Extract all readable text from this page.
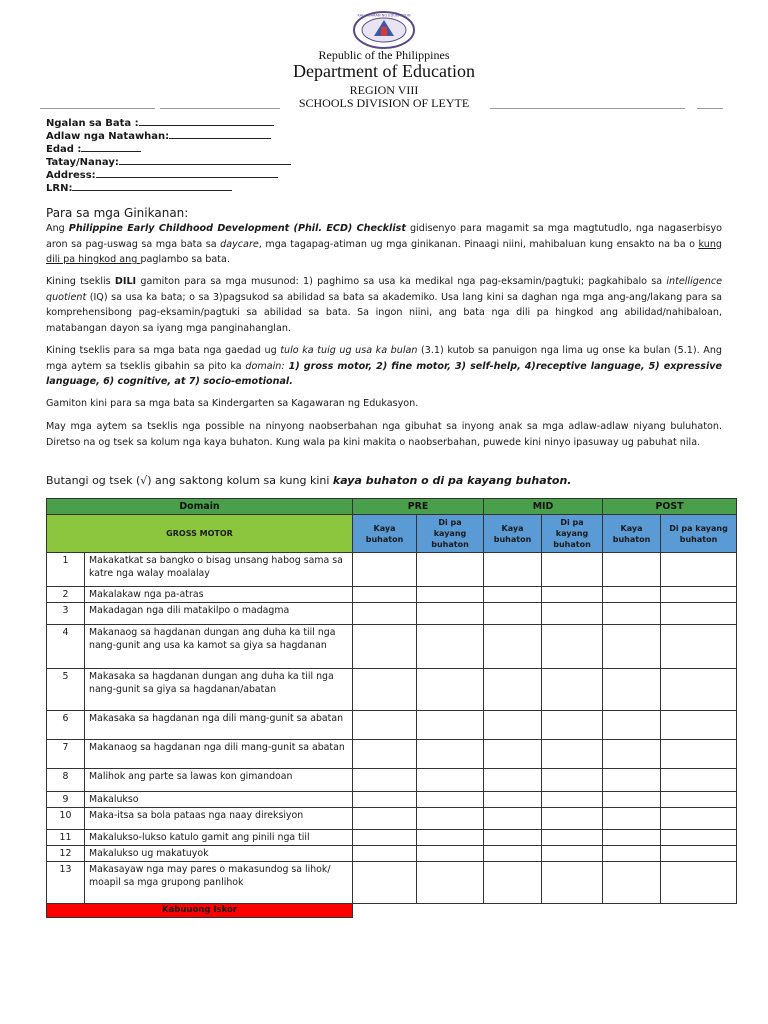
KAGAWARAN NG EDUKASYON
Republic of the Philippines
Department of Education
REGION VIII
SCHOOLS DIVISION OF LEYTE
Ngalan sa Bata :
Adlaw nga Natawhan:
Edad :
Tatay/Nanay:
Address:
LRN:
Para sa mga Ginikanan:
Ang Philippine Early Childhood Development (Phil. ECD) Checklist gidisenyo para magamit sa mga magtutudlo, nga nagaserbisyo aron sa pag-uswag sa mga bata sa daycare, mga tagapag-atiman ug mga ginikanan. Pinaagi niini, mahibaluan kung ensakto na ba o kung dili pa hingkod ang paglambo sa bata.
Kining tseklis DILI gamiton para sa mga musunod: 1) paghimo sa usa ka medikal nga pag-eksamin/pagtuki; pagkahibalo sa intelligence quotient (IQ) sa usa ka bata; o sa 3)pagsukod sa abilidad sa bata sa akademiko. Usa lang kini sa daghan nga mga ang-ang/lakang para sa komprehensibong pag-eksamin/pagtuki sa abilidad sa bata. Sa ingon niini, ang bata nga dili pa hingkod ang abilidad/nahibaloan, matabangan dayon sa iyang mga panginahanglan.
Kining tseklis para sa mga bata nga gaedad ug tulo ka tuig ug usa ka bulan (3.1) kutob sa panuigon nga lima ug onse ka bulan (5.1). Ang mga aytem sa tseklis gibahin sa pito ka domain: 1) gross motor, 2) fine motor, 3) self-help, 4)receptive language, 5) expressive language, 6) cognitive, at 7) socio-emotional.
Gamiton kini para sa mga bata sa Kindergarten sa Kagawaran ng Edukasyon.
May mga aytem sa tseklis nga possible na ninyong naobserbahan nga gibuhat sa inyong anak sa mga adlaw-adlaw niyang buluhaton. Diretso na og tsek sa kolum nga kaya buhaton. Kung wala pa kini makita o naobserbahan, puwede kini ninyo ipasuway ug pabuhat nila.
Butangi og tsek (√) ang saktong kolum sa kung kini kaya buhaton o di pa kayang buhaton.
Domain		PRE		MID		POST	
GROSS MOTOR		Kaya buhaton	Di pa kayang buhaton	Kaya buhaton	Di pa kayang buhaton	Kaya buhaton	Di pa kayang buhaton
1	Makakatkat sa bangko o bisag unsang habog sama sa katre nga walay moalalay						
2	Makalakaw nga pa-atras						
3	Makadagan nga dili matakilpo o madagma						
4	Makanaog sa hagdanan dungan ang duha ka tiil nga nang-gunit ang usa ka kamot sa giya sa hagdanan						
5	Makasaka sa hagdanan dungan ang duha ka tiil nga nang-gunit sa giya sa hagdanan/abatan						
6	Makasaka sa hagdanan nga dili mang-gunit sa abatan						
7	Makanaog sa hagdanan nga dili mang-gunit sa abatan						
8	Malihok ang parte sa lawas kon gimandoan						
9	Makalukso						
10	Maka-itsa sa bola pataas nga naay direksiyon						
11	Makalukso-lukso katulo gamit ang pinili nga tiil						
12	Makalukso ug makatuyok						
13	Makasayaw nga may pares o makasundog sa lihok/ moapil sa mga grupong panlihok						
Kabuuong Iskor							
